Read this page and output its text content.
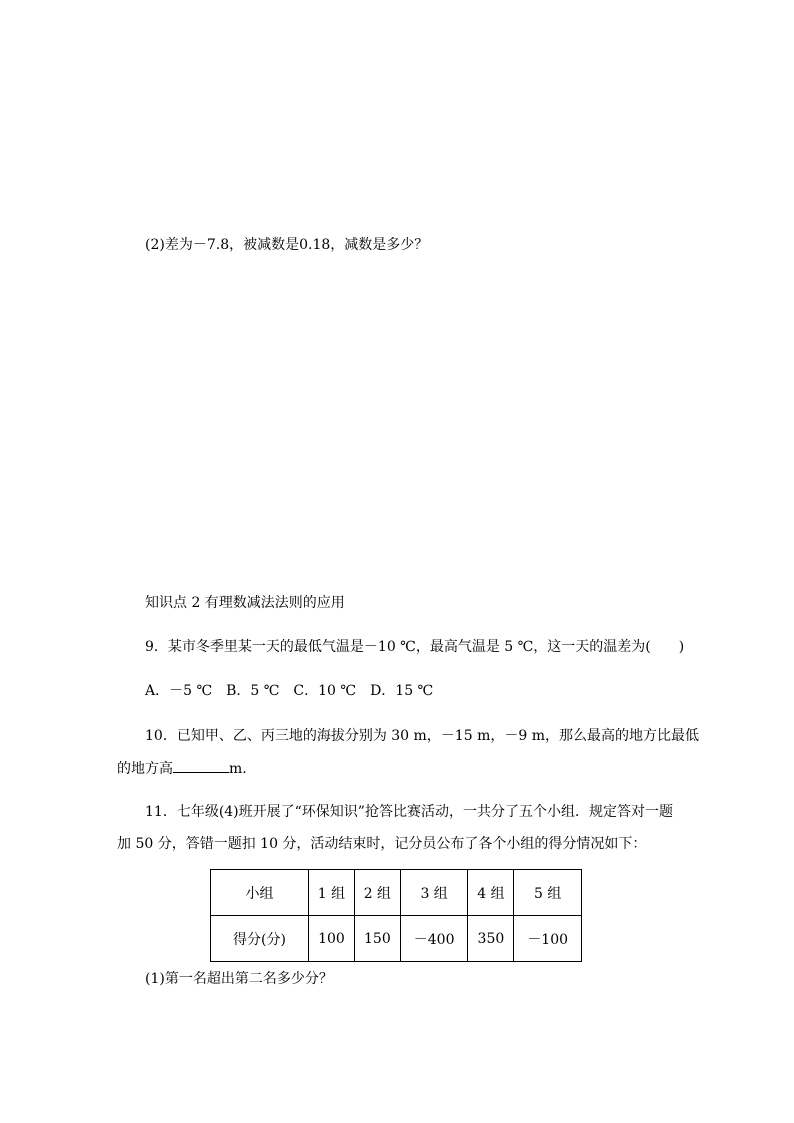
(2)差为－7.8，被减数是0.18，减数是多少？
知识点 2 有理数减法法则的应用
9．某市冬季里某一天的最低气温是－10 ℃，最高气温是 5 ℃，这一天的温差为(　　)
A．－5 ℃　B．5 ℃　C．10 ℃　D．15 ℃
10．已知甲、乙、丙三地的海拔分别为 30 m，－15 m，－9 m，那么最高的地方比最低
的地方高	m.
11．七年级(4)班开展了“环保知识”抢答比赛活动，一共分了五个小组．规定答对一题
加 50 分，答错一题扣 10 分，活动结束时，记分员公布了各个小组的得分情况如下：
小组	1 组	2 组	3 组	4 组	5 组
得分(分)	100	150	－400	350	－100
(1)第一名超出第二名多少分？
